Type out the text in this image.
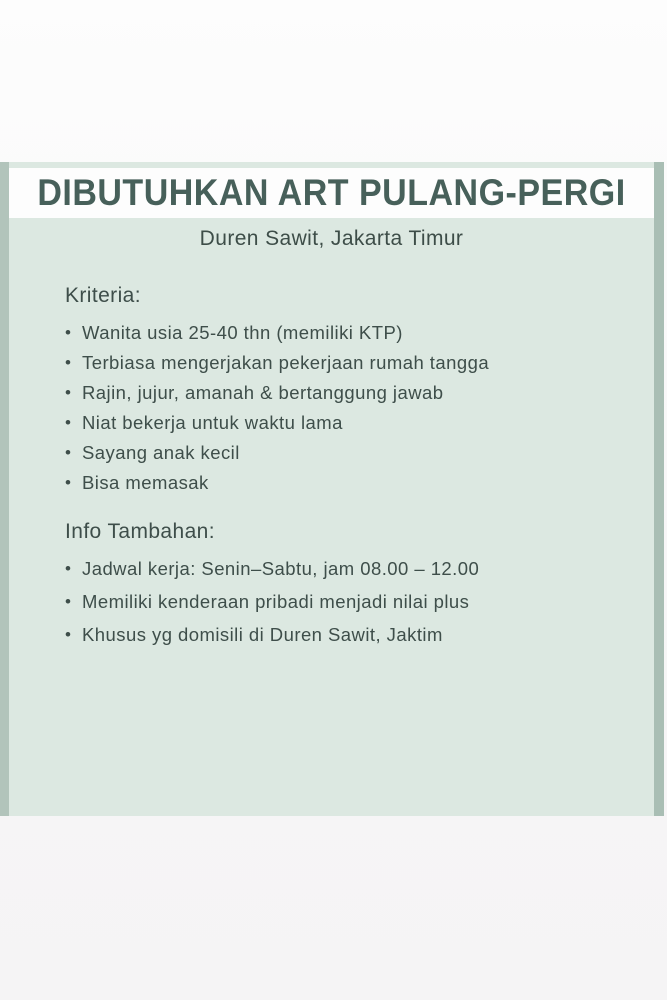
DIBUTUHKAN ART PULANG-PERGI
Duren Sawit, Jakarta Timur
Kriteria:
• Wanita usia 25-40 thn (memiliki KTP)
• Terbiasa mengerjakan pekerjaan rumah tangga
• Rajin, jujur, amanah & bertanggung jawab
• Niat bekerja untuk waktu lama
• Sayang anak kecil
• Bisa memasak
Info Tambahan:
• Jadwal kerja: Senin–Sabtu, jam 08.00 – 12.00
• Memiliki kenderaan pribadi menjadi nilai plus
• Khusus yg domisili di Duren Sawit, Jaktim
